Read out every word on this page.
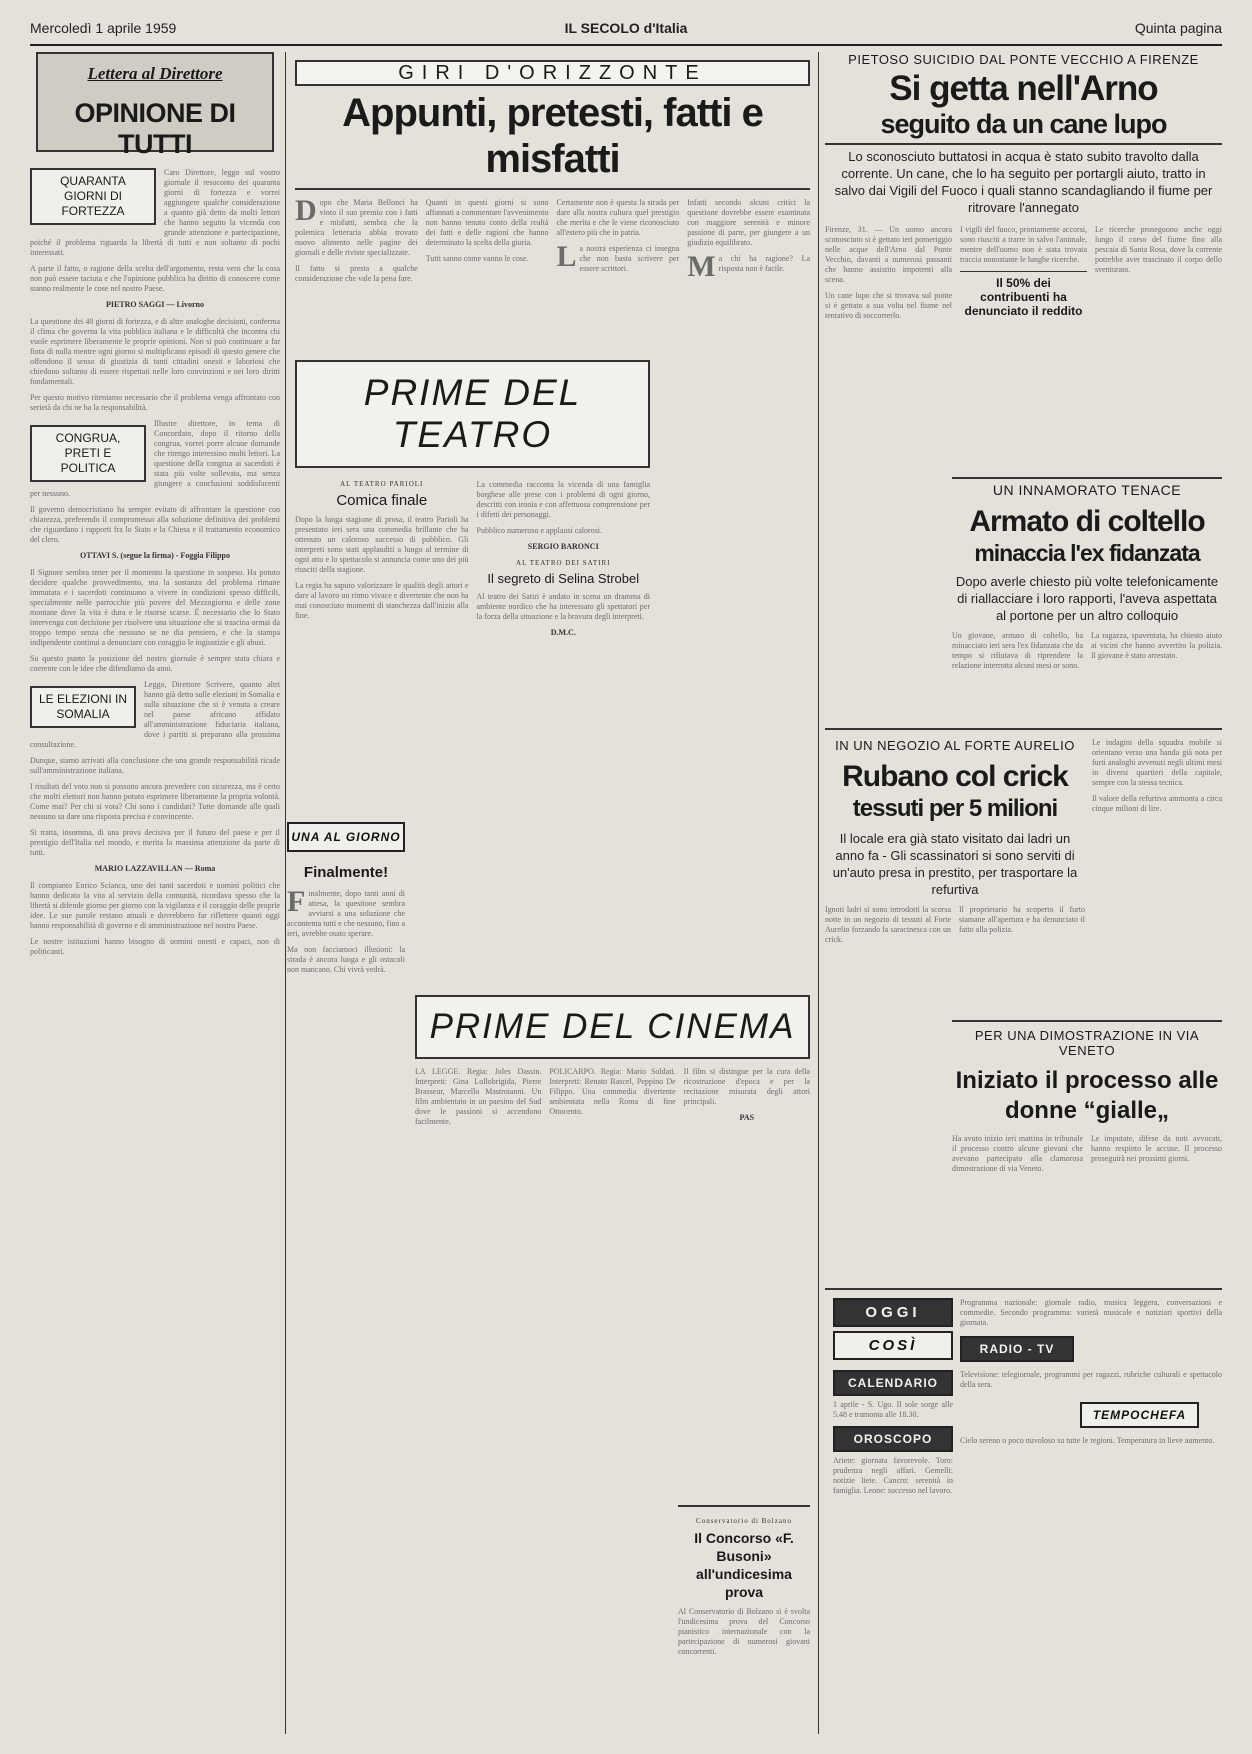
Mercoledì 1 aprile 1959	IL SECOLO d'Italia	Quinta pagina
Lettera al Direttore
OPINIONE DI TUTTI
QUARANTA GIORNI DI FORTEZZA

Caro Direttore, leggo sul vostro giornale il resoconto dei quaranta giorni di fortezza e vorrei aggiungere qualche considerazione a quanto già detto da molti lettori che hanno seguito la vicenda con grande attenzione e partecipazione, poiché il problema riguarda la libertà di tutti e non soltanto di pochi interessati.

A parte il fatto, o ragione della scelta dell'argomento, resta vero che la cosa non può essere taciuta e che l'opinione pubblica ha diritto di conoscere come stanno realmente le cose nel nostro Paese.

PIETRO SAGGI — Livorno

La questione dei 40 giorni di fortezza, e di altre analoghe decisioni, conferma il clima che governa la vita pubblica italiana e le difficoltà che incontra chi vuole esprimere liberamente le proprie opinioni. Non si può continuare a far finta di nulla mentre ogni giorno si moltiplicano episodi di questo genere che offendono il senso di giustizia di tanti cittadini onesti e laboriosi che chiedono soltanto di essere rispettati nelle loro convinzioni e nei loro diritti fondamentali.

Per questo motivo riteniamo necessario che il problema venga affrontato con serietà da chi ne ha la responsabilità.

CONGRUA, PRETI E POLITICA

Illustre direttore, in tema di Concordato, dopo il ritorno della congrua, vorrei porre alcune domande che ritengo interessino molti lettori. La questione della congrua ai sacerdoti è stata più volte sollevata, ma senza giungere a conclusioni soddisfacenti per nessuno.

Il governo democristiano ha sempre evitato di affrontare la questione con chiarezza, preferendo il compromesso alla soluzione definitiva dei problemi che riguardano i rapporti fra lo Stato e la Chiesa e il trattamento economico del clero.

OTTAVI S. (segue la firma) - Foggia Filippo

Il Signore sembra tener per il momento la questione in sospeso. Ha potuto decidere qualche provvedimento, ma la sostanza del problema rimane immutata e i sacerdoti continuano a vivere in condizioni spesso difficili, specialmente nelle parrocchie più povere del Mezzogiorno e delle zone montane dove la vita è dura e le risorse scarse. È necessario che lo Stato intervenga con decisione per risolvere una situazione che si trascina ormai da troppo tempo senza che nessuno se ne dia pensiero, e che la stampa indipendente continui a denunciare con coraggio le ingiustizie e gli abusi.

Su questo punto la posizione del nostro giornale è sempre stata chiara e coerente con le idee che difendiamo da anni.

LE ELEZIONI IN SOMALIA

Leggo, Direttore Scrivere, quanto altri hanno già detto sulle elezioni in Somalia e sulla situazione che si è venuta a creare nel paese africano affidato all'amministrazione fiduciaria italiana, dove i partiti si preparano alla prossima consultazione.

Dunque, siamo arrivati alla conclusione che una grande responsabilità ricade sull'amministrazione italiana.

I risultati del voto non si possono ancora prevedere con sicurezza, ma è certo che molti elettori non hanno potuto esprimere liberamente la propria volontà. Come mai? Per chi si vota? Chi sono i candidati? Tutte domande alle quali nessuno sa dare una risposta precisa e convincente.

Si tratta, insomma, di una prova decisiva per il futuro del paese e per il prestigio dell'Italia nel mondo, e merita la massima attenzione da parte di tutti.

MARIO LAZZAVILLAN — Roma

Il compianto Enrico Scianca, uno dei tanti sacerdoti e uomini politici che hanno dedicato la vita al servizio della comunità, ricordava spesso che la libertà si difende giorno per giorno con la vigilanza e il coraggio delle proprie idee. Le sue parole restano attuali e dovrebbero far riflettere quanti oggi hanno responsabilità di governo e di amministrazione nel nostro Paese.

Le nostre istituzioni hanno bisogno di uomini onesti e capaci, non di politicanti.

GIRI D'ORIZZONTE
Appunti, pretesti, fatti e misfatti

Dopo che Maria Bellonci ha vinto il suo premio con i fatti e misfatti, sembra che la polemica letteraria abbia trovato nuovo alimento nelle pagine dei giornali e delle riviste specializzate.

Il fatto si presta a qualche considerazione che vale la pena fare.

Quanti in questi giorni si sono affannati a commentare l'avvenimento non hanno tenuto conto della realtà dei fatti e delle ragioni che hanno determinato la scelta della giuria.

Tutti sanno come vanno le cose.

Certamente non è questa la strada per dare alla nostra cultura quel prestigio che merita e che le viene riconosciuto all'estero più che in patria.

La nostra esperienza ci insegna che non basta scrivere per essere scrittori.

Infatti secondo alcuni critici la questione dovrebbe essere esaminata con maggiore serenità e minore passione di parte, per giungere a un giudizio equilibrato.

Ma chi ha ragione? La risposta non è facile.

PRIME DEL TEATRO
AL TEATRO PARIOLI
Comica finale

Dopo la lunga stagione di prosa, il teatro Parioli ha presentato ieri sera una commedia brillante che ha ottenuto un caloroso successo di pubblico. Gli interpreti sono stati applauditi a lungo al termine di ogni atto e lo spettacolo si annuncia come uno dei più riusciti della stagione.

La regia ha saputo valorizzare le qualità degli attori e dare al lavoro un ritmo vivace e divertente che non ha mai conosciuto momenti di stanchezza dall'inizio alla fine.

La commedia racconta la vicenda di una famiglia borghese alle prese con i problemi di ogni giorno, descritti con ironia e con affettuosa comprensione per i difetti dei personaggi.

Pubblico numeroso e applausi calorosi.

SERGIO BARONCI
AL TEATRO DEI SATIRI
Il segreto di Selina Strobel

Al teatro dei Satiri è andato in scena un dramma di ambiente nordico che ha interessato gli spettatori per la forza della situazione e la bravura degli interpreti.

D.M.C.
UNA AL GIORNO
Finalmente!

Finalmente, dopo tanti anni di attesa, la questione sembra avviarsi a una soluzione che accontenta tutti e che nessuno, fino a ieri, avrebbe osato sperare.

Ma non facciamoci illusioni: la strada è ancora lunga e gli ostacoli non mancano. Chi vivrà vedrà.

PRIME DEL CINEMA

LA LEGGE. Regia: Jules Dassin. Interpreti: Gina Lollobrigida, Pierre Brasseur, Marcello Mastroianni. Un film ambientato in un paesino del Sud dove le passioni si accendono facilmente.

POLICARPO. Regia: Mario Soldati. Interpreti: Renato Rascel, Peppino De Filippo. Una commedia divertente ambientata nella Roma di fine Ottocento.

Il film si distingue per la cura della ricostruzione d'epoca e per la recitazione misurata degli attori principali.

PAS
Conservatorio di Bolzano
Il Concorso «F. Busoni» all'undicesima prova

Al Conservatorio di Bolzano si è svolta l'undicesima prova del Concorso pianistico internazionale con la partecipazione di numerosi giovani concorrenti.

PIETOSO SUICIDIO DAL PONTE VECCHIO A FIRENZE
Si getta nell'Arno
seguito da un cane lupo
Lo sconosciuto buttatosi in acqua è stato subito travolto dalla corrente. Un cane, che lo ha seguito per portargli aiuto, tratto in salvo dai Vigili del Fuoco i quali stanno scandagliando il fiume per ritrovare l'annegato

Firenze, 31. — Un uomo ancora sconosciuto si è gettato ieri pomeriggio nelle acque dell'Arno dal Ponte Vecchio, davanti a numerosi passanti che hanno assistito impotenti alla scena.

Un cane lupo che si trovava sul ponte si è gettato a sua volta nel fiume nel tentativo di soccorrerlo.

I vigili del fuoco, prontamente accorsi, sono riusciti a trarre in salvo l'animale, mentre dell'uomo non è stata trovata traccia nonostante le lunghe ricerche.

Il 50% dei contribuenti ha denunciato il reddito

Le ricerche proseguono anche oggi lungo il corso del fiume fino alla pescaia di Santa Rosa, dove la corrente potrebbe aver trascinato il corpo dello sventurato.

UN INNAMORATO TENACE
Armato di coltello
minaccia l'ex fidanzata
Dopo averle chiesto più volte telefonicamente di riallacciare i loro rapporti, l'aveva aspettata al portone per un altro colloquio

Un giovane, armato di coltello, ha minacciato ieri sera l'ex fidanzata che da tempo si rifiutava di riprendere la relazione interrotta alcuni mesi or sono.

La ragazza, spaventata, ha chiesto aiuto ai vicini che hanno avvertito la polizia. Il giovane è stato arrestato.

IN UN NEGOZIO AL FORTE AURELIO
Rubano col crick
tessuti per 5 milioni
Il locale era già stato visitato dai ladri un anno fa - Gli scassinatori si sono serviti di un'auto presa in prestito, per trasportare la refurtiva

Ignoti ladri si sono introdotti la scorsa notte in un negozio di tessuti al Forte Aurelio forzando la saracinesca con un crick.

Il proprietario ha scoperto il furto stamane all'apertura e ha denunciato il fatto alla polizia.

Le indagini della squadra mobile si orientano verso una banda già nota per furti analoghi avvenuti negli ultimi mesi in diversi quartieri della capitale, sempre con la stessa tecnica.

Il valore della refurtiva ammonta a circa cinque milioni di lire.

PER UNA DIMOSTRAZIONE IN VIA VENETO
Iniziato il processo alle donne “gialle„

Ha avuto inizio ieri mattina in tribunale il processo contro alcune giovani che avevano partecipato alla clamorosa dimostrazione di via Veneto.

Le imputate, difese da noti avvocati, hanno respinto le accuse. Il processo proseguirà nei prossimi giorni.

OGGI
COSÌ
CALENDARIO

1 aprile - S. Ugo. Il sole sorge alle 5.48 e tramonta alle 18.30.

OROSCOPO

Ariete: giornata favorevole. Toro: prudenza negli affari. Gemelli: notizie liete. Cancro: serenità in famiglia. Leone: successo nel lavoro.

Programma nazionale: giornale radio, musica leggera, conversazioni e commedie. Secondo programma: varietà musicale e notiziari sportivi della giornata.

RADIO - TV

Televisione: telegiornale, programmi per ragazzi, rubriche culturali e spettacolo della sera.

TEMPOCHEFA

Cielo sereno o poco nuvoloso su tutte le regioni. Temperatura in lieve aumento.
